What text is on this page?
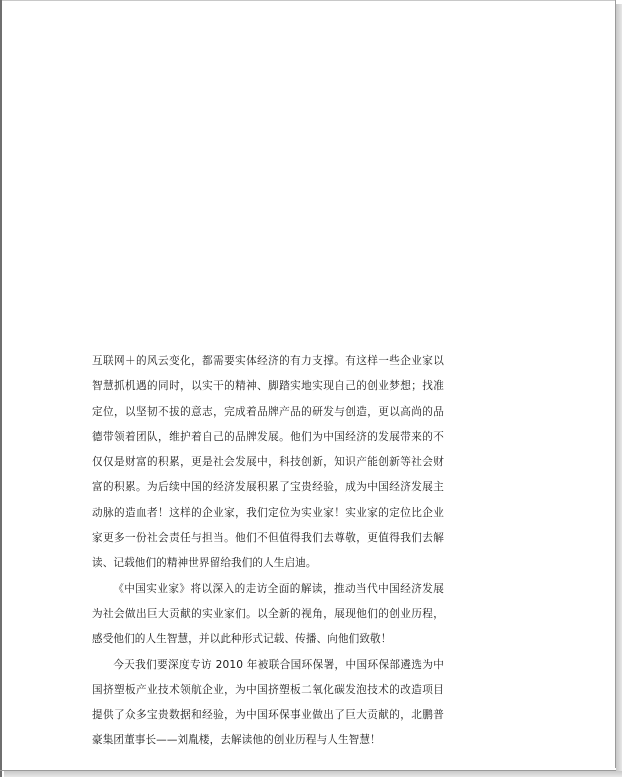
互联网＋的风云变化，都需要实体经济的有力支撑。有这样一些企业家以智慧抓机遇的同时，以实干的精神、脚踏实地实现自己的创业梦想；找准定位，以坚韧不拔的意志，完成着品牌产品的研发与创造，更以高尚的品德带领着团队，维护着自己的品牌发展。他们为中国经济的发展带来的不仅仅是财富的积累，更是社会发展中，科技创新，知识产能创新等社会财富的积累。为后续中国的经济发展积累了宝贵经验，成为中国经济发展主动脉的造血者！这样的企业家，我们定位为实业家！实业家的定位比企业家更多一份社会责任与担当。他们不但值得我们去尊敬，更值得我们去解读、记载他们的精神世界留给我们的人生启迪。

《中国实业家》将以深入的走访全面的解读，推动当代中国经济发展为社会做出巨大贡献的实业家们。以全新的视角，展现他们的创业历程，感受他们的人生智慧，并以此种形式记载、传播、向他们致敬！

今天我们要深度专访 2010 年被联合国环保署，中国环保部遴选为中国挤塑板产业技术领航企业，为中国挤塑板二氧化碳发泡技术的改造项目提供了众多宝贵数据和经验，为中国环保事业做出了巨大贡献的，北鹏普豪集团董事长——刘胤楼，去解读他的创业历程与人生智慧！
